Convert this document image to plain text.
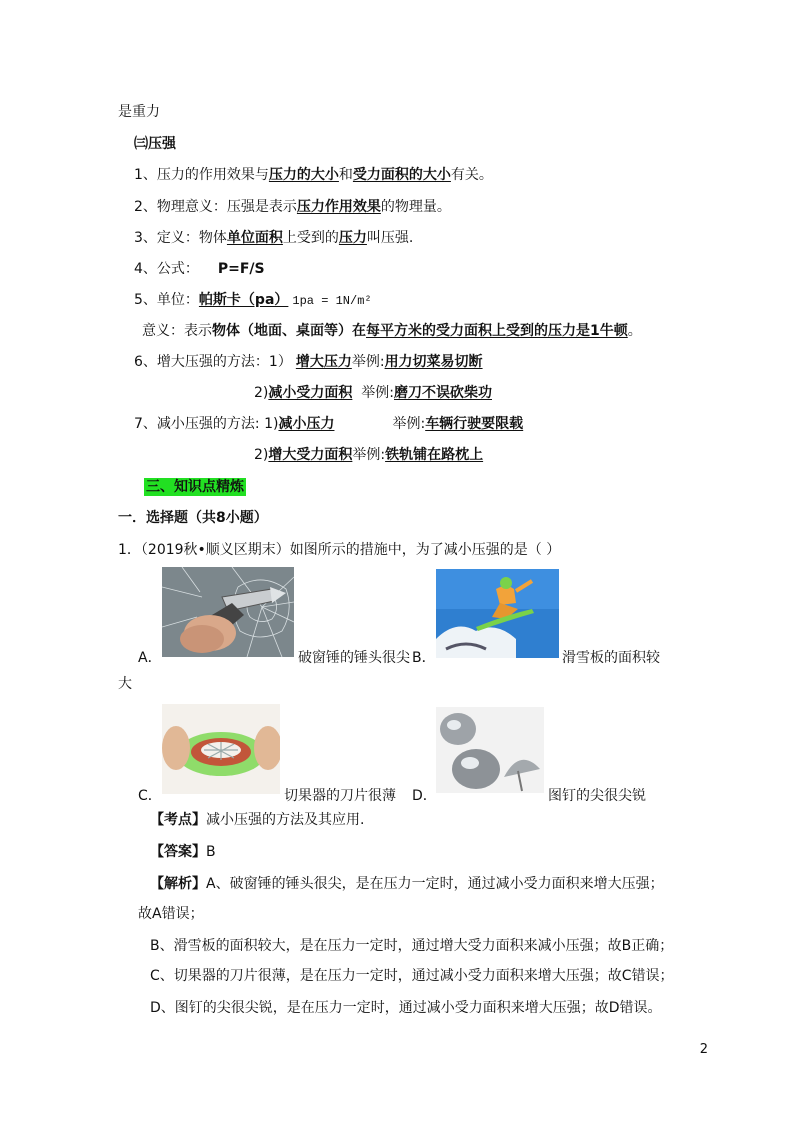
是重力
㈢压强
1、压力的作用效果与压力的大小和受力面积的大小有关。
2、物理意义：压强是表示压力作用效果的物理量。
3、定义：物体单位面积上受到的压力叫压强.
4、公式：  P=F/S
5、单位：帕斯卡（pa） 1pa = 1N/m²
意义：表示物体（地面、桌面等）在每平方米的受力面积上受到的压力是1牛顿。
6、增大压强的方法：1） 增大压力举例:用力切菜易切断
2)减小受力面积  举例:磨刀不误砍柴功
7、减小压强的方法: 1)减小压力	举例:车辆行驶要限载
2)增大受力面积举例:铁轨铺在路枕上
三、知识点精炼
一．选择题（共8小题）
1．（2019秋•顺义区期末）如图所示的措施中，为了减小压强的是（ ）
A．	破窗锤的锤头很尖 B．	滑雪板的面积较
大
C．	切果器的刀片很薄 D．	图钉的尖很尖锐
【考点】减小压强的方法及其应用.
【答案】B
【解析】A、破窗锤的锤头很尖，是在压力一定时，通过减小受力面积来增大压强；
故A错误；
B、滑雪板的面积较大，是在压力一定时，通过增大受力面积来减小压强；故B正确；
C、切果器的刀片很薄，是在压力一定时，通过减小受力面积来增大压强；故C错误；
D、图钉的尖很尖锐，是在压力一定时，通过减小受力面积来增大压强；故D错误。
2
